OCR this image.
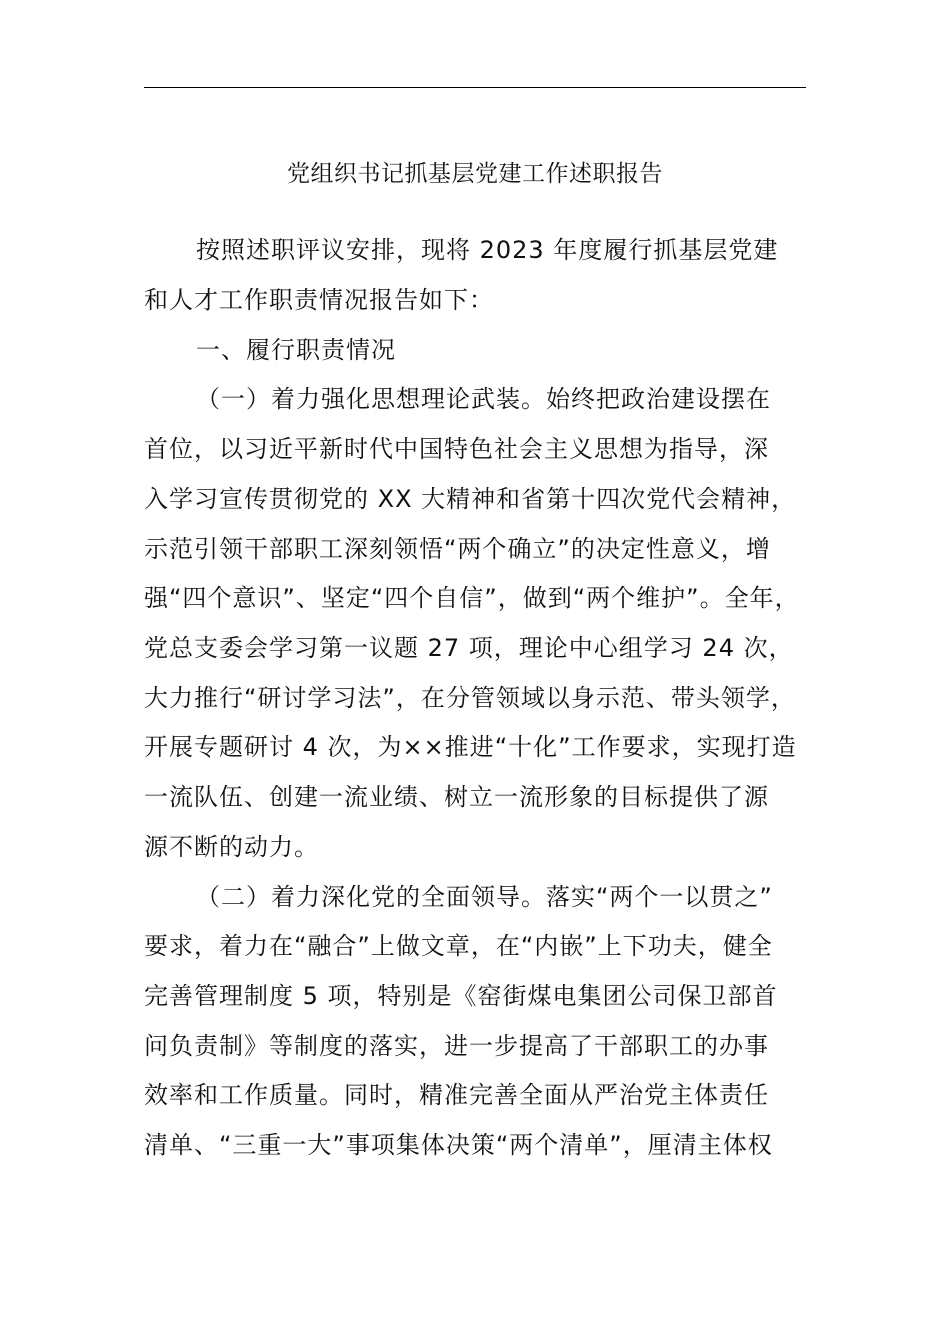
党组织书记抓基层党建工作述职报告
按照述职评议安排，现将 2023 年度履行抓基层党建
和人才工作职责情况报告如下：
一、履行职责情况
（一）着力强化思想理论武装。始终把政治建设摆在
首位，以习近平新时代中国特色社会主义思想为指导，深
入学习宣传贯彻党的 XX 大精神和省第十四次党代会精神，
示范引领干部职工深刻领悟“两个确立”的决定性意义，增
强“四个意识”、坚定“四个自信”，做到“两个维护”。全年，
党总支委会学习第一议题 27 项，理论中心组学习 24 次，
大力推行“研讨学习法”，在分管领域以身示范、带头领学，
开展专题研讨 4 次，为××推进“十化”工作要求，实现打造
一流队伍、创建一流业绩、树立一流形象的目标提供了源
源不断的动力。
（二）着力深化党的全面领导。落实“两个一以贯之”
要求，着力在“融合”上做文章，在“内嵌”上下功夫，健全
完善管理制度 5 项，特别是《窑街煤电集团公司保卫部首
问负责制》等制度的落实，进一步提高了干部职工的办事
效率和工作质量。同时，精准完善全面从严治党主体责任
清单、“三重一大”事项集体决策“两个清单”，厘清主体权
